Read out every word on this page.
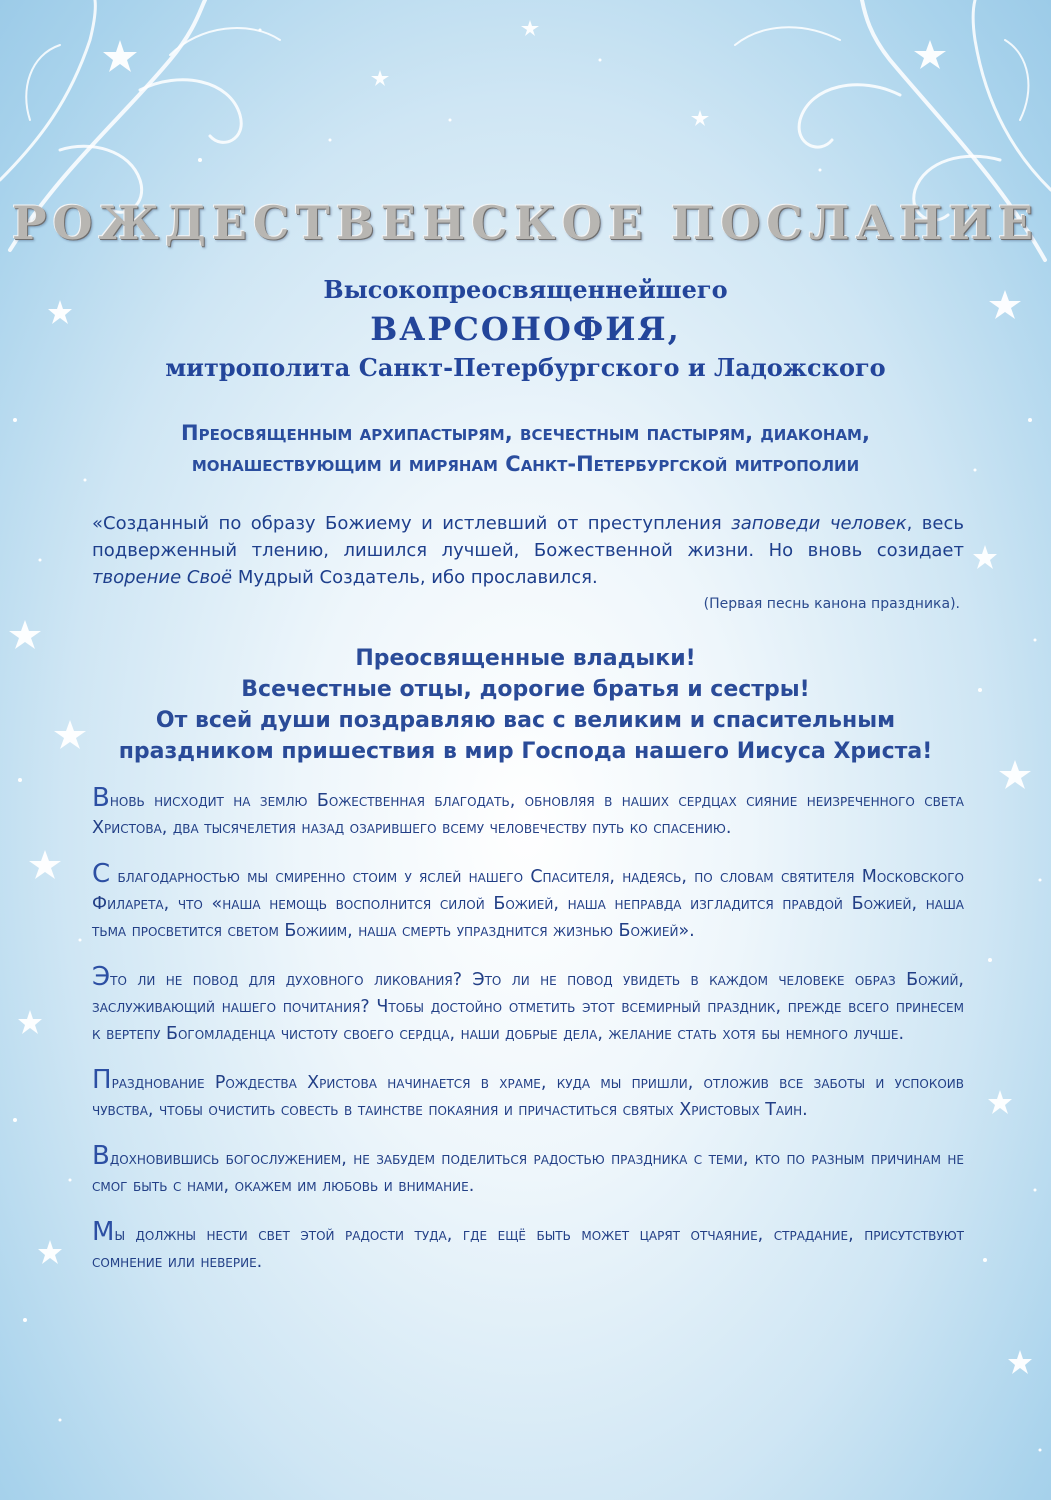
РОЖДЕСТВЕНСКОЕ ПОСЛАНИЕ
Высокопреосвященнейшего
ВАРСОНОФИЯ,
митрополита Санкт-Петербургского и Ладожского
Преосвященным архипастырям, всечестным пастырям, диаконам,
монашествующим и мирянам Санкт-Петербургской митрополии
«Созданный по образу Божиему и истлевший от преступления заповеди человек, весь подверженный тлению, лишился лучшей, Божественной жизни. Но вновь созидает творение Своё Мудрый Создатель, ибо прославился.
(Первая песнь канона праздника).
Преосвященные владыки!
Всечестные отцы, дорогие братья и сестры!
От всей души поздравляю вас с великим и спасительным
праздником пришествия в мир Господа нашего Иисуса Христа!

Вновь нисходит на землю Божественная благодать, обновляя в наших сердцах сияние неизреченного света Христова, два тысячелетия назад озарившего всему человечеству путь ко спасению.

С благодарностью мы смиренно стоим у яслей нашего Спасителя, надеясь, по словам святителя Московского Филарета, что «наша немощь восполнится силой Божией, наша неправда изгладится правдой Божией, наша тьма просветится светом Божиим, наша смерть упразднится жизнью Божией».

Это ли не повод для духовного ликования? Это ли не повод увидеть в каждом человеке образ Божий, заслуживающий нашего почитания? Чтобы достойно отметить этот всемирный праздник, прежде всего принесем к вертепу Богомладенца чистоту своего сердца, наши добрые дела, желание стать хотя бы немного лучше.

Празднование Рождества Христова начинается в храме, куда мы пришли, отложив все заботы и успокоив чувства, чтобы очистить совесть в таинстве покаяния и причаститься святых Христовых Таин.

Вдохновившись богослужением, не забудем поделиться радостью праздника с теми, кто по разным причинам не смог быть с нами, окажем им любовь и внимание.

Мы должны нести свет этой радости туда, где ещё быть может царят отчаяние, страдание, присутствуют сомнение или неверие.
